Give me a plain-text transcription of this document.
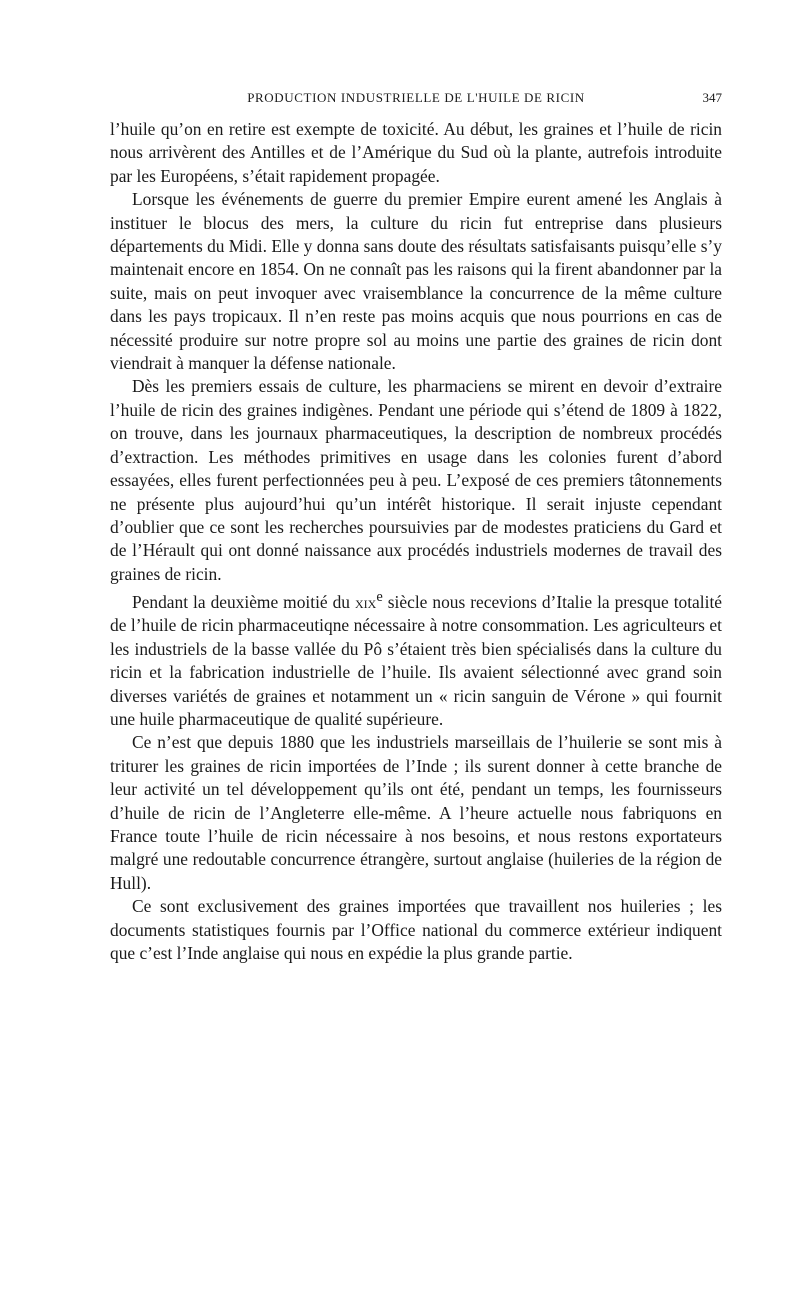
PRODUCTION INDUSTRIELLE DE L'HUILE DE RICIN	347

l’huile qu’on en retire est exempte de toxicité. Au début, les graines et l’huile de ricin nous arrivèrent des Antilles et de l’Amérique du Sud où la plante, autrefois introduite par les Européens, s’était rapidement propagée.

Lorsque les événements de guerre du premier Empire eurent amené les Anglais à instituer le blocus des mers, la culture du ricin fut entreprise dans plusieurs départements du Midi. Elle y donna sans doute des résultats satisfaisants puisqu’elle s’y maintenait encore en 1854. On ne connaît pas les raisons qui la firent abandonner par la suite, mais on peut invoquer avec vraisemblance la concurrence de la même culture dans les pays tropicaux. Il n’en reste pas moins acquis que nous pourrions en cas de nécessité produire sur notre propre sol au moins une partie des graines de ricin dont viendrait à manquer la défense nationale.

Dès les premiers essais de culture, les pharmaciens se mirent en devoir d’extraire l’huile de ricin des graines indigènes. Pendant une période qui s’étend de 1809 à 1822, on trouve, dans les journaux pharmaceutiques, la description de nombreux procédés d’extraction. Les méthodes primitives en usage dans les colonies furent d’abord essayées, elles furent perfectionnées peu à peu. L’exposé de ces premiers tâtonnements ne présente plus aujourd’hui qu’un intérêt historique. Il serait injuste cependant d’oublier que ce sont les recherches poursuivies par de modestes praticiens du Gard et de l’Hérault qui ont donné naissance aux procédés industriels modernes de travail des graines de ricin.

Pendant la deuxième moitié du xix$^e$ siècle nous recevions d’Italie la presque totalité de l’huile de ricin pharmaceutiqne nécessaire à notre consommation. Les agriculteurs et les industriels de la basse vallée du Pô s’étaient très bien spécialisés dans la culture du ricin et la fabrication industrielle de l’huile. Ils avaient sélectionné avec grand soin diverses variétés de graines et notamment un « ricin sanguin de Vérone » qui fournit une huile pharmaceutique de qualité supérieure.

Ce n’est que depuis 1880 que les industriels marseillais de l’huilerie se sont mis à triturer les graines de ricin importées de l’Inde ; ils surent donner à cette branche de leur activité un tel développement qu’ils ont été, pendant un temps, les fournisseurs d’huile de ricin de l’Angleterre elle-même. A l’heure actuelle nous fabriquons en France toute l’huile de ricin nécessaire à nos besoins, et nous restons exportateurs malgré une redoutable concurrence étrangère, surtout anglaise (huileries de la région de Hull).

Ce sont exclusivement des graines importées que travaillent nos huileries ; les documents statistiques fournis par l’Office national du commerce extérieur indiquent que c’est l’Inde anglaise qui nous en expédie la plus grande partie.
